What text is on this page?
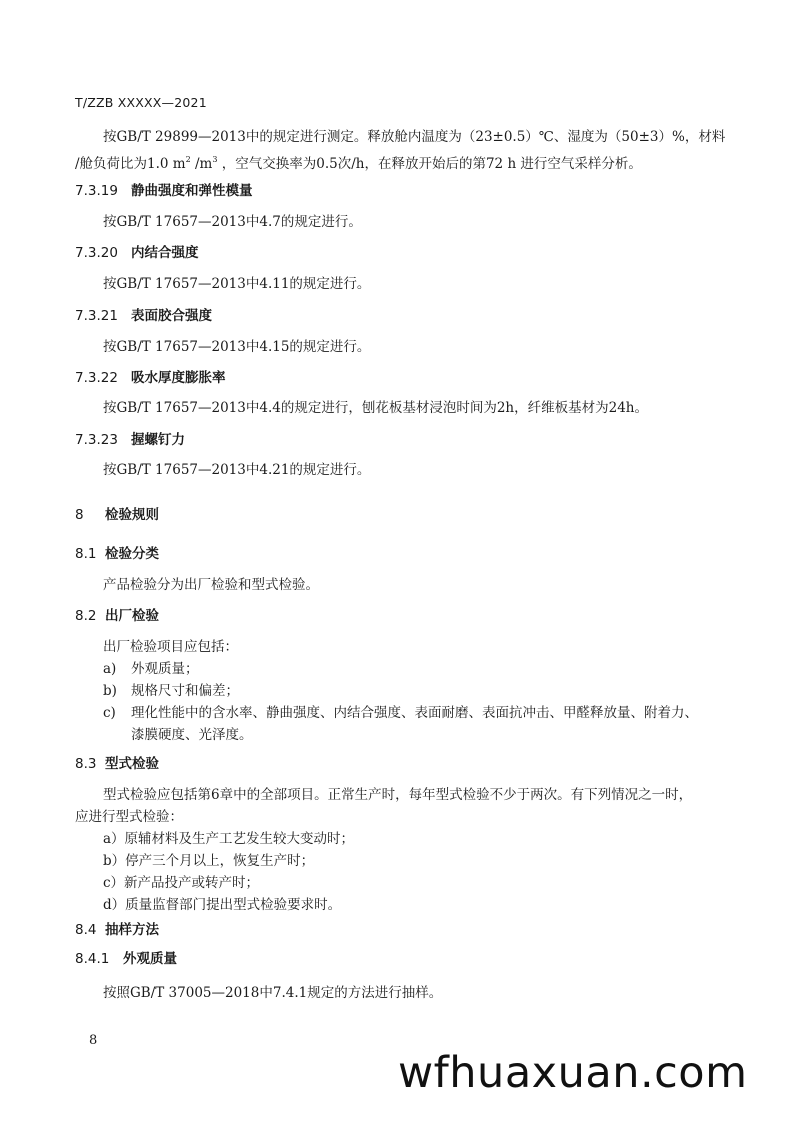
T/ZZB XXXXX—2021
按GB/T 29899—2013中的规定进行测定。释放舱内温度为（23±0.5）℃、湿度为（50±3）%，材料
/舱负荷比为1.0 $m^2$ $/m^3$ ，空气交换率为0.5次/h，在释放开始后的第72 h 进行空气采样分析。
7.3.19 静曲强度和弹性模量
按GB/T 17657—2013中4.7的规定进行。
7.3.20 内结合强度
按GB/T 17657—2013中4.11的规定进行。
7.3.21 表面胶合强度
按GB/T 17657—2013中4.15的规定进行。
7.3.22 吸水厚度膨胀率
按GB/T 17657—2013中4.4的规定进行，刨花板基材浸泡时间为2h，纤维板基材为24h。
7.3.23 握螺钉力
按GB/T 17657—2013中4.21的规定进行。
8 检验规则
8.1 检验分类
产品检验分为出厂检验和型式检验。
8.2 出厂检验
出厂检验项目应包括：
a) 外观质量；
b) 规格尺寸和偏差；
c) 理化性能中的含水率、静曲强度、内结合强度、表面耐磨、表面抗冲击、甲醛释放量、附着力、
漆膜硬度、光泽度。
8.3 型式检验
型式检验应包括第6章中的全部项目。正常生产时，每年型式检验不少于两次。有下列情况之一时，
应进行型式检验：
a）原辅材料及生产工艺发生较大变动时；
b）停产三个月以上，恢复生产时；
c）新产品投产或转产时；
d）质量监督部门提出型式检验要求时。
8.4 抽样方法
8.4.1 外观质量
按照GB/T 37005—2018中7.4.1规定的方法进行抽样。
8
wfhuaxuan.com
